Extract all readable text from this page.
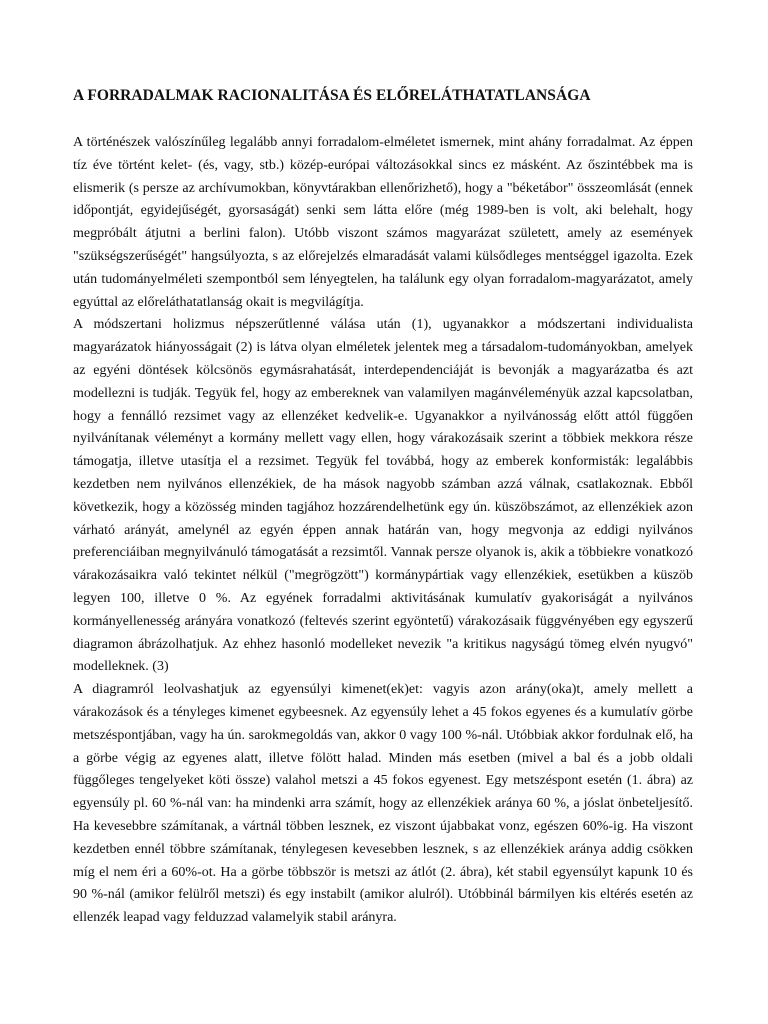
A FORRADALMAK RACIONALITÁSA ÉS ELŐRELÁTHATATLANSÁGA

A történészek valószínűleg legalább annyi forradalom-elméletet ismernek, mint ahány forradalmat. Az éppen tíz éve történt kelet- (és, vagy, stb.) közép-európai változásokkal sincs ez másként. Az őszintébbek ma is elismerik (s persze az archívumokban, könyvtárakban ellenőrizhető), hogy a "béketábor" összeomlását (ennek időpontját, egyidejűségét, gyorsaságát) senki sem látta előre (még 1989-ben is volt, aki belehalt, hogy megpróbált átjutni a berlini falon). Utóbb viszont számos magyarázat született, amely az események "szükségszerűségét" hangsúlyozta, s az előrejelzés elmaradását valami külsődleges mentséggel igazolta. Ezek után tudományelméleti szempontból sem lényegtelen, ha találunk egy olyan forradalom-magyarázatot, amely egyúttal az előreláthatatlanság okait is megvilágítja.

A módszertani holizmus népszerűtlenné válása után (1), ugyanakkor a módszertani individualista magyarázatok hiányosságait (2) is látva olyan elméletek jelentek meg a társadalom-tudományokban, amelyek az egyéni döntések kölcsönös egymásrahatását, interdependenciáját is bevonják a magyarázatba és azt modellezni is tudják. Tegyük fel, hogy az embereknek van valamilyen magánvéleményük azzal kapcsolatban, hogy a fennálló rezsimet vagy az ellenzéket kedvelik-e. Ugyanakkor a nyilvánosság előtt attól függően nyilvánítanak véleményt a kormány mellett vagy ellen, hogy várakozásaik szerint a többiek mekkora része támogatja, illetve utasítja el a rezsimet. Tegyük fel továbbá, hogy az emberek konformisták: legalábbis kezdetben nem nyilvános ellenzékiek, de ha mások nagyobb számban azzá válnak, csatlakoznak. Ebből következik, hogy a közösség minden tagjához hozzárendelhetünk egy ún. küszöbszámot, az ellenzékiek azon várható arányát, amelynél az egyén éppen annak határán van, hogy megvonja az eddigi nyilvános preferenciáiban megnyilvánuló támogatását a rezsimtől. Vannak persze olyanok is, akik a többiekre vonatkozó várakozásaikra való tekintet nélkül ("megrögzött") kormánypártiak vagy ellenzékiek, esetükben a küszöb legyen 100, illetve 0 %. Az egyének forradalmi aktivitásának kumulatív gyakoriságát a nyilvános kormányellenesség arányára vonatkozó (feltevés szerint egyöntetű) várakozásaik függvényében egy egyszerű diagramon ábrázolhatjuk. Az ehhez hasonló modelleket nevezik "a kritikus nagyságú tömeg elvén nyugvó" modelleknek. (3)

A diagramról leolvashatjuk az egyensúlyi kimenet(ek)et: vagyis azon arány(oka)t, amely mellett a várakozások és a tényleges kimenet egybeesnek. Az egyensúly lehet a 45 fokos egyenes és a kumulatív görbe metszéspontjában, vagy ha ún. sarokmegoldás van, akkor 0 vagy 100 %-nál. Utóbbiak akkor fordulnak elő, ha a görbe végig az egyenes alatt, illetve fölött halad. Minden más esetben (mivel a bal és a jobb oldali függőleges tengelyeket köti össze) valahol metszi a 45 fokos egyenest. Egy metszéspont esetén (1. ábra) az egyensúly pl. 60 %-nál van: ha mindenki arra számít, hogy az ellenzékiek aránya 60 %, a jóslat önbeteljesítő. Ha kevesebbre számítanak, a vártnál többen lesznek, ez viszont újabbakat vonz, egészen 60%-ig. Ha viszont kezdetben ennél többre számítanak, ténylegesen kevesebben lesznek, s az ellenzékiek aránya addig csökken míg el nem éri a 60%-ot. Ha a görbe többször is metszi az átlót (2. ábra), két stabil egyensúlyt kapunk 10 és 90 %-nál (amikor felülről metszi) és egy instabilt (amikor alulról). Utóbbinál bármilyen kis eltérés esetén az ellenzék leapad vagy felduzzad valamelyik stabil arányra.
